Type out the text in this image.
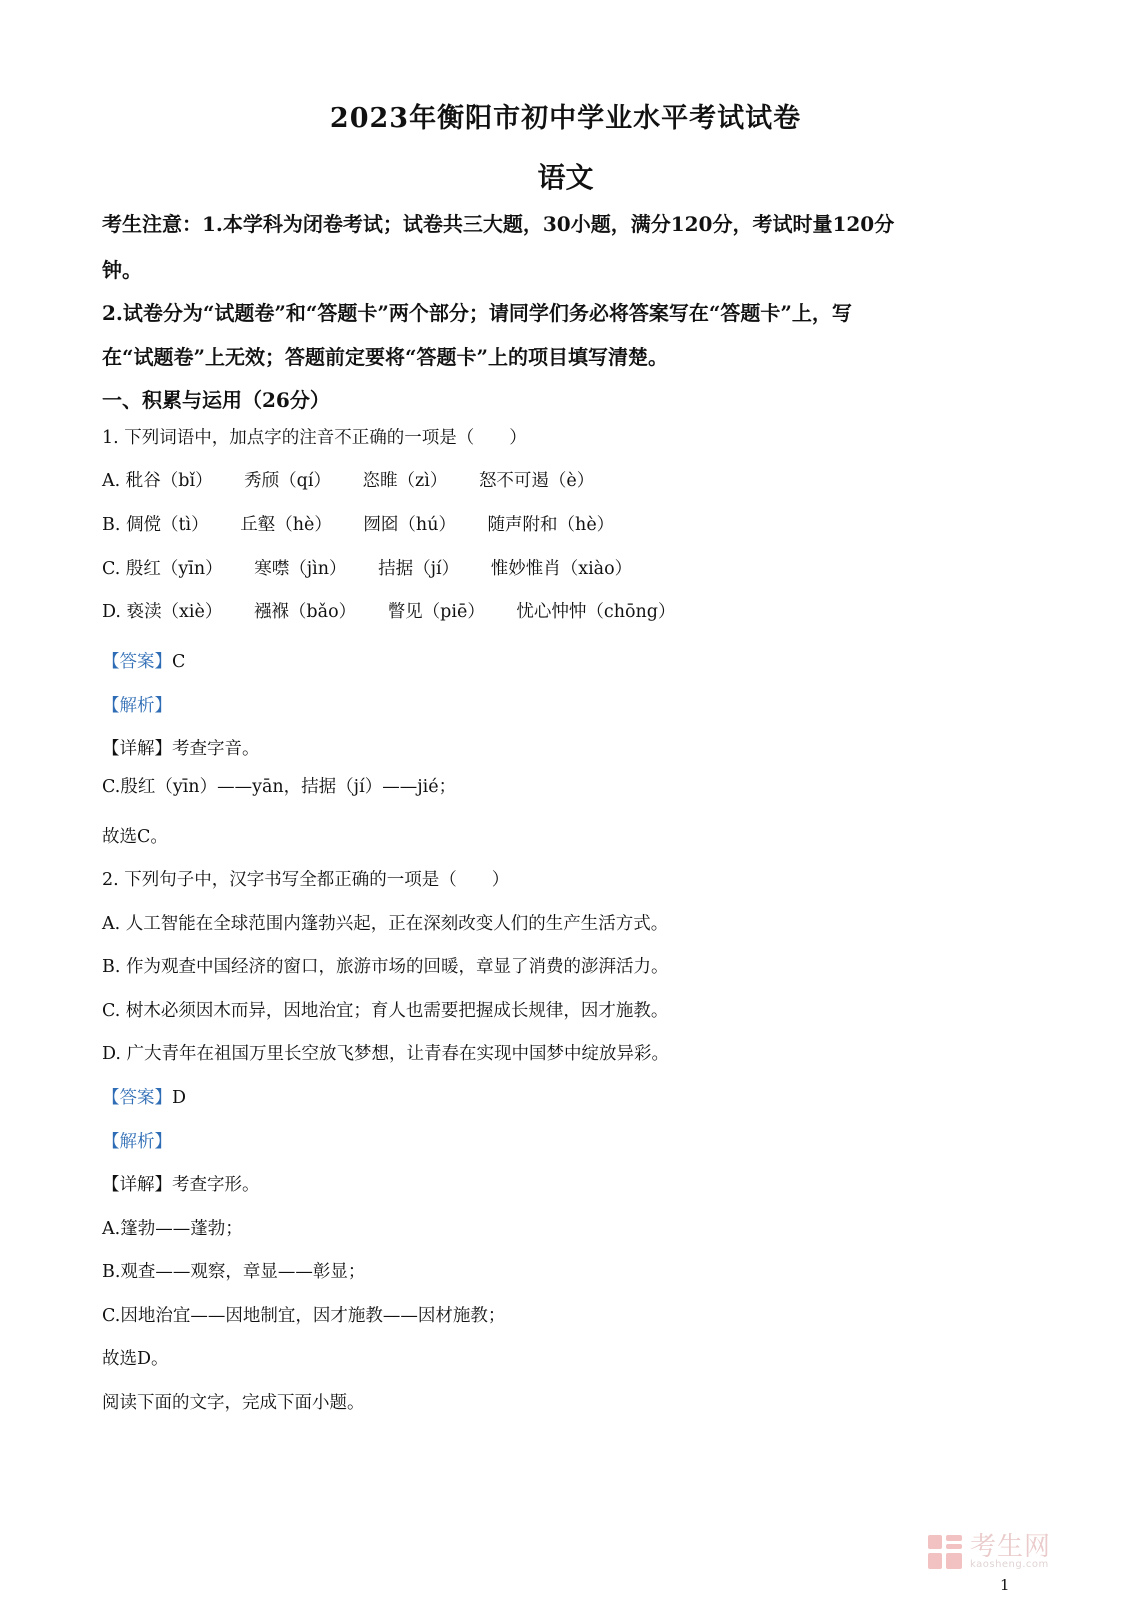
2023年衡阳市初中学业水平考试试卷
语文
考生注意：1.本学科为闭卷考试；试卷共三大题，30小题，满分120分，考试时量120分
钟。
2.试卷分为“试题卷”和“答题卡”两个部分；请同学们务必将答案写在“答题卡”上，写
在“试题卷”上无效；答题前定要将“答题卡”上的项目填写清楚。
一、积累与运用（26分）
1. 下列词语中，加点字的注音不正确的一项是（　　）
A. 秕谷（bǐ） 秀颀（qí） 恣睢（zì） 怒不可遏（è）
B. 倜傥（tì） 丘壑（hè） 囫囵（hú） 随声附和（hè）
C. 殷红（yīn） 寒噤（jìn） 拮据（jí） 惟妙惟肖（xiào）
D. 亵渎（xiè） 襁褓（bǎo） 瞥见（piē） 忧心忡忡（chōng）
【答案】C
【解析】
【详解】考查字音。
C.殷红（yīn）——yān，拮据（jí）——jié；
故选C。
2. 下列句子中，汉字书写全都正确的一项是（　　）
A. 人工智能在全球范围内篷勃兴起，正在深刻改变人们的生产生活方式。
B. 作为观查中国经济的窗口，旅游市场的回暖，章显了消费的澎湃活力。
C. 树木必须因木而异，因地治宜；育人也需要把握成长规律，因才施教。
D. 广大青年在祖国万里长空放飞梦想，让青春在实现中国梦中绽放异彩。
【答案】D
【解析】
【详解】考查字形。
A.篷勃——蓬勃；
B.观查——观察，章显——彰显；
C.因地治宜——因地制宜，因才施教——因材施教；
故选D。
阅读下面的文字，完成下面小题。
考生网
kaosheng.com
1
